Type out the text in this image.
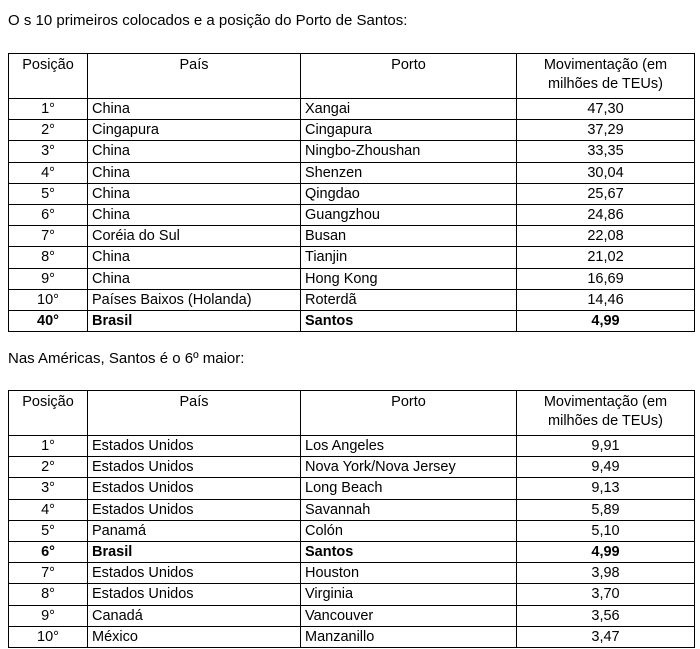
O s 10 primeiros colocados e a posição do Porto de Santos:
Posição	País	Porto	Movimentação (em milhões de TEUs)
1°	China	Xangai	47,30
2°	Cingapura	Cingapura	37,29
3°	China	Ningbo-Zhoushan	33,35
4°	China	Shenzen	30,04
5°	China	Qingdao	25,67
6°	China	Guangzhou	24,86
7°	Coréia do Sul	Busan	22,08
8°	China	Tianjin	21,02
9°	China	Hong Kong	16,69
10°	Países Baixos (Holanda)	Roterdã	14,46
40°	Brasil	Santos	4,99
Nas Américas, Santos é o 6º maior:
Posição	País	Porto	Movimentação (em milhões de TEUs)
1°	Estados Unidos	Los Angeles	9,91
2°	Estados Unidos	Nova York/Nova Jersey	9,49
3°	Estados Unidos	Long Beach	9,13
4°	Estados Unidos	Savannah	5,89
5°	Panamá	Colón	5,10
6°	Brasil	Santos	4,99
7°	Estados Unidos	Houston	3,98
8°	Estados Unidos	Virginia	3,70
9°	Canadá	Vancouver	3,56
10°	México	Manzanillo	3,47
